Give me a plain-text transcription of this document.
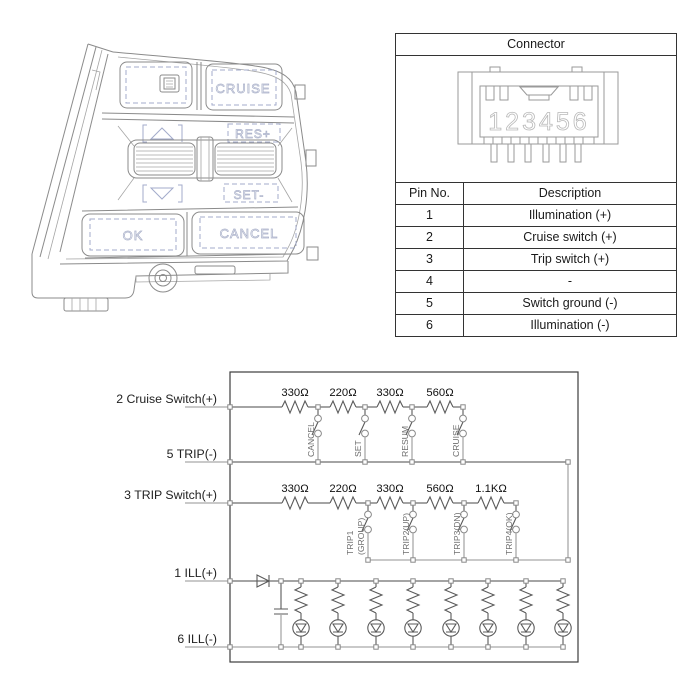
CRUISE
RES+
SET-
OK	CANCEL
Connector	

123456	

Pin No.	Description
1	Illumination (+)
2	Cruise switch (+)
3	Trip switch (+)
4	-
5	Switch ground (-)
6	Illumination (-)
2 Cruise Switch(+)
5 TRIP(-)
3 TRIP Switch(+)
1 ILL(+)
6 ILL(-)
330Ω 220Ω 330Ω 560Ω
CANCEL	SET	RESUM	CRUISE
330Ω 220Ω 330Ω 560Ω 1.1KΩ
TRIP1 (GROUP)	TRIP2(UP)	TRIP3(DN)	TRIP4(OK)
